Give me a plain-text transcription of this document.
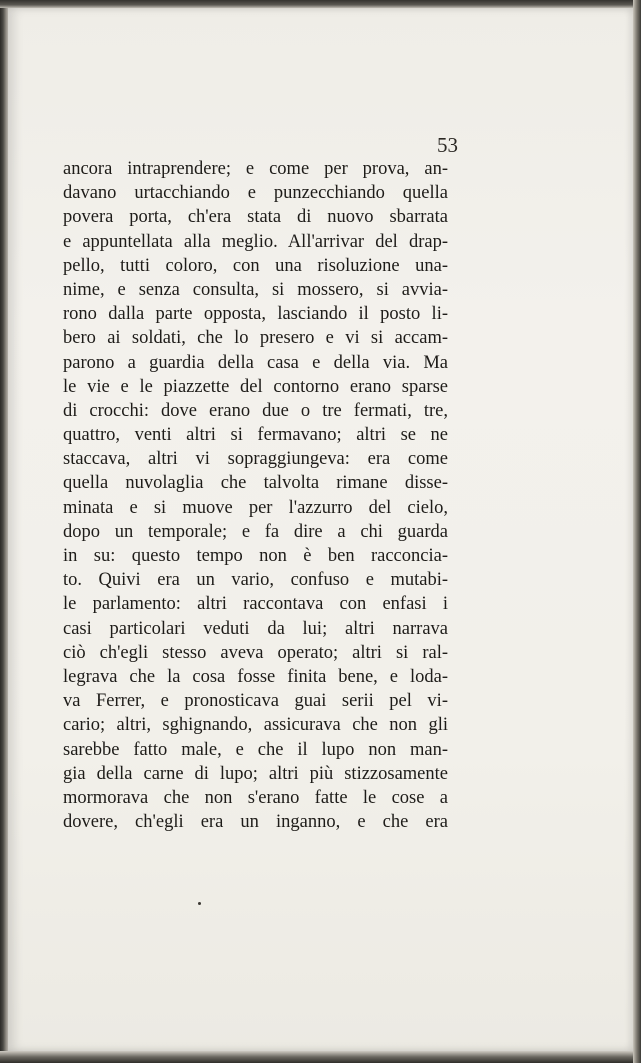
53
ancora intraprendere; e come per prova, an-
davano urtacchiando e punzecchiando quella
povera porta, ch'era stata di nuovo sbarrata
e appuntellata alla meglio. All'arrivar del drap-
pello, tutti coloro, con una risoluzione una-
nime, e senza consulta, si mossero, si avvia-
rono dalla parte opposta, lasciando il posto li-
bero ai soldati, che lo presero e vi si accam-
parono a guardia della casa e della via. Ma
le vie e le piazzette del contorno erano sparse
di crocchi: dove erano due o tre fermati, tre,
quattro, venti altri si fermavano; altri se ne
staccava, altri vi sopraggiungeva: era come
quella nuvolaglia che talvolta rimane disse-
minata e si muove per l'azzurro del cielo,
dopo un temporale; e fa dire a chi guarda
in su: questo tempo non è ben racconcia-
to. Quivi era un vario, confuso e mutabi-
le parlamento: altri raccontava con enfasi i
casi particolari veduti da lui; altri narrava
ciò ch'egli stesso aveva operato; altri si ral-
legrava che la cosa fosse finita bene, e loda-
va Ferrer, e pronosticava guai serii pel vi-
cario; altri, sghignando, assicurava che non gli
sarebbe fatto male, e che il lupo non man-
gia della carne di lupo; altri più stizzosamente
mormorava che non s'erano fatte le cose a
dovere, ch'egli era un inganno, e che era
